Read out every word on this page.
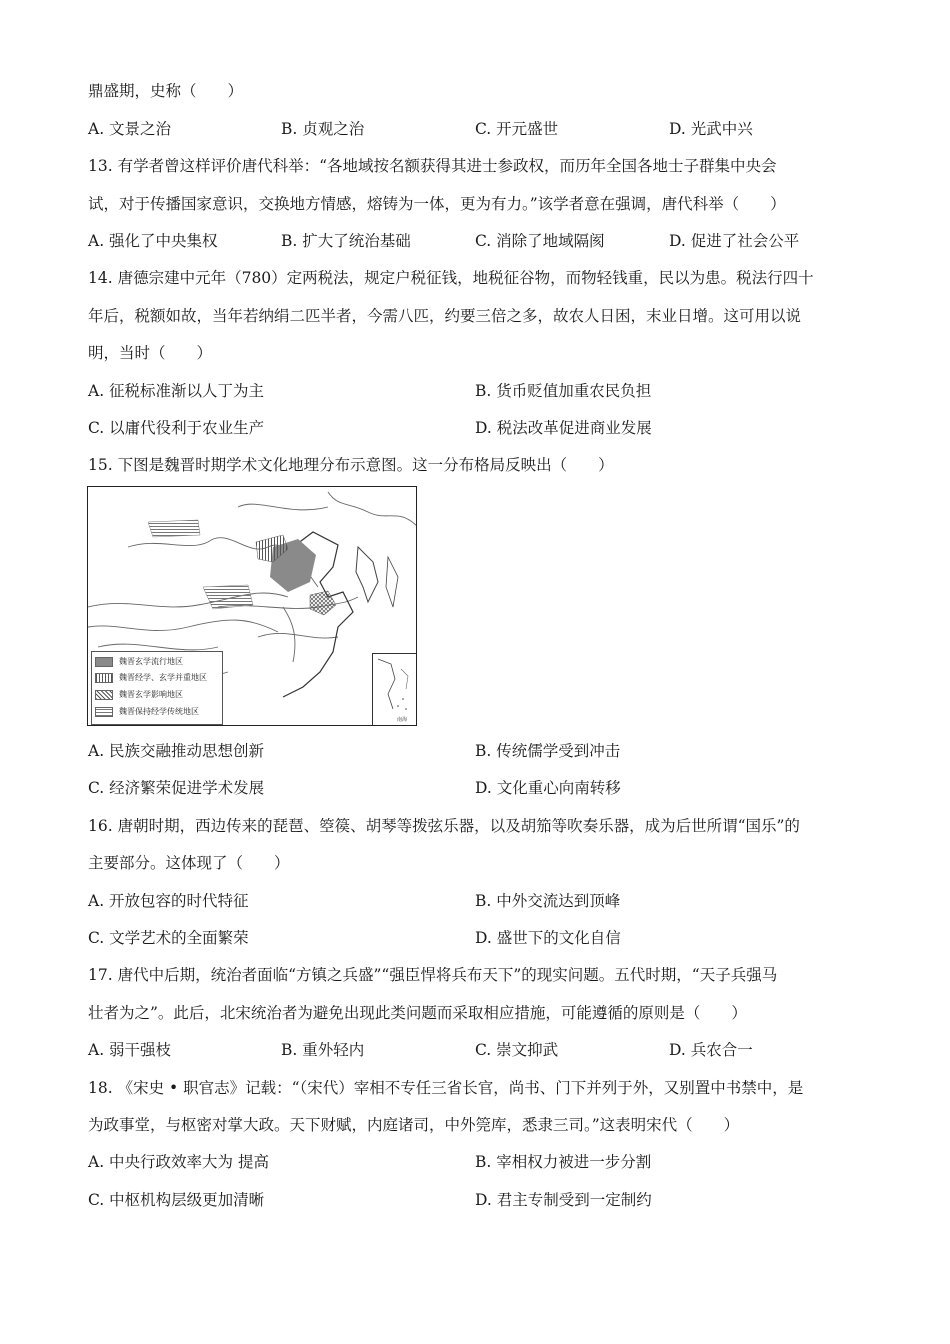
鼎盛期，史称（　　）
A. 文景之治	B. 贞观之治	C. 开元盛世	D. 光武中兴
13. 有学者曾这样评价唐代科举：“各地域按名额获得其进士参政权，而历年全国各地士子群集中央会
试，对于传播国家意识，交换地方情感，熔铸为一体，更为有力。”该学者意在强调，唐代科举（　　）
A. 强化了中央集权	B. 扩大了统治基础	C. 消除了地域隔阂	D. 促进了社会公平
14. 唐德宗建中元年（780）定两税法，规定户税征钱，地税征谷物，而物轻钱重，民以为患。税法行四十
年后，税额如故，当年若纳绢二匹半者，今需八匹，约要三倍之多，故农人日困，末业日增。这可用以说
明，当时（　　）
A. 征税标准渐以人丁为主	B. 货币贬值加重农民负担
C. 以庸代役利于农业生产	D. 税法改革促进商业发展
15. 下图是魏晋时期学术文化地理分布示意图。这一分布格局反映出（　　）
魏晋玄学流行地区
魏晋经学、玄学并重地区
魏晋玄学影响地区
魏晋保持经学传统地区
南海
A. 民族交融推动思想创新	B. 传统儒学受到冲击
C. 经济繁荣促进学术发展	D. 文化重心向南转移
16. 唐朝时期，西边传来的琵琶、箜篌、胡琴等拨弦乐器，以及胡笳等吹奏乐器，成为后世所谓“国乐”的
主要部分。这体现了（　　）
A. 开放包容的时代特征	B. 中外交流达到顶峰
C. 文学艺术的全面繁荣	D. 盛世下的文化自信
17. 唐代中后期，统治者面临“方镇之兵盛”“强臣悍将兵布天下”的现实问题。五代时期，“天子兵强马
壮者为之”。此后，北宋统治者为避免出现此类问题而采取相应措施，可能遵循的原则是（　　）
A. 弱干强枝	B. 重外轻内	C. 崇文抑武	D. 兵农合一
18. 《宋史 • 职官志》记载：“（宋代）宰相不专任三省长官，尚书、门下并列于外，又别置中书禁中，是
为政事堂，与枢密对掌大政。天下财赋，内庭诸司，中外筦库，悉隶三司。”这表明宋代（　　）
A. 中央行政效率大为 提高	B. 宰相权力被进一步分割
C. 中枢机构层级更加清晰	D. 君主专制受到一定制约
